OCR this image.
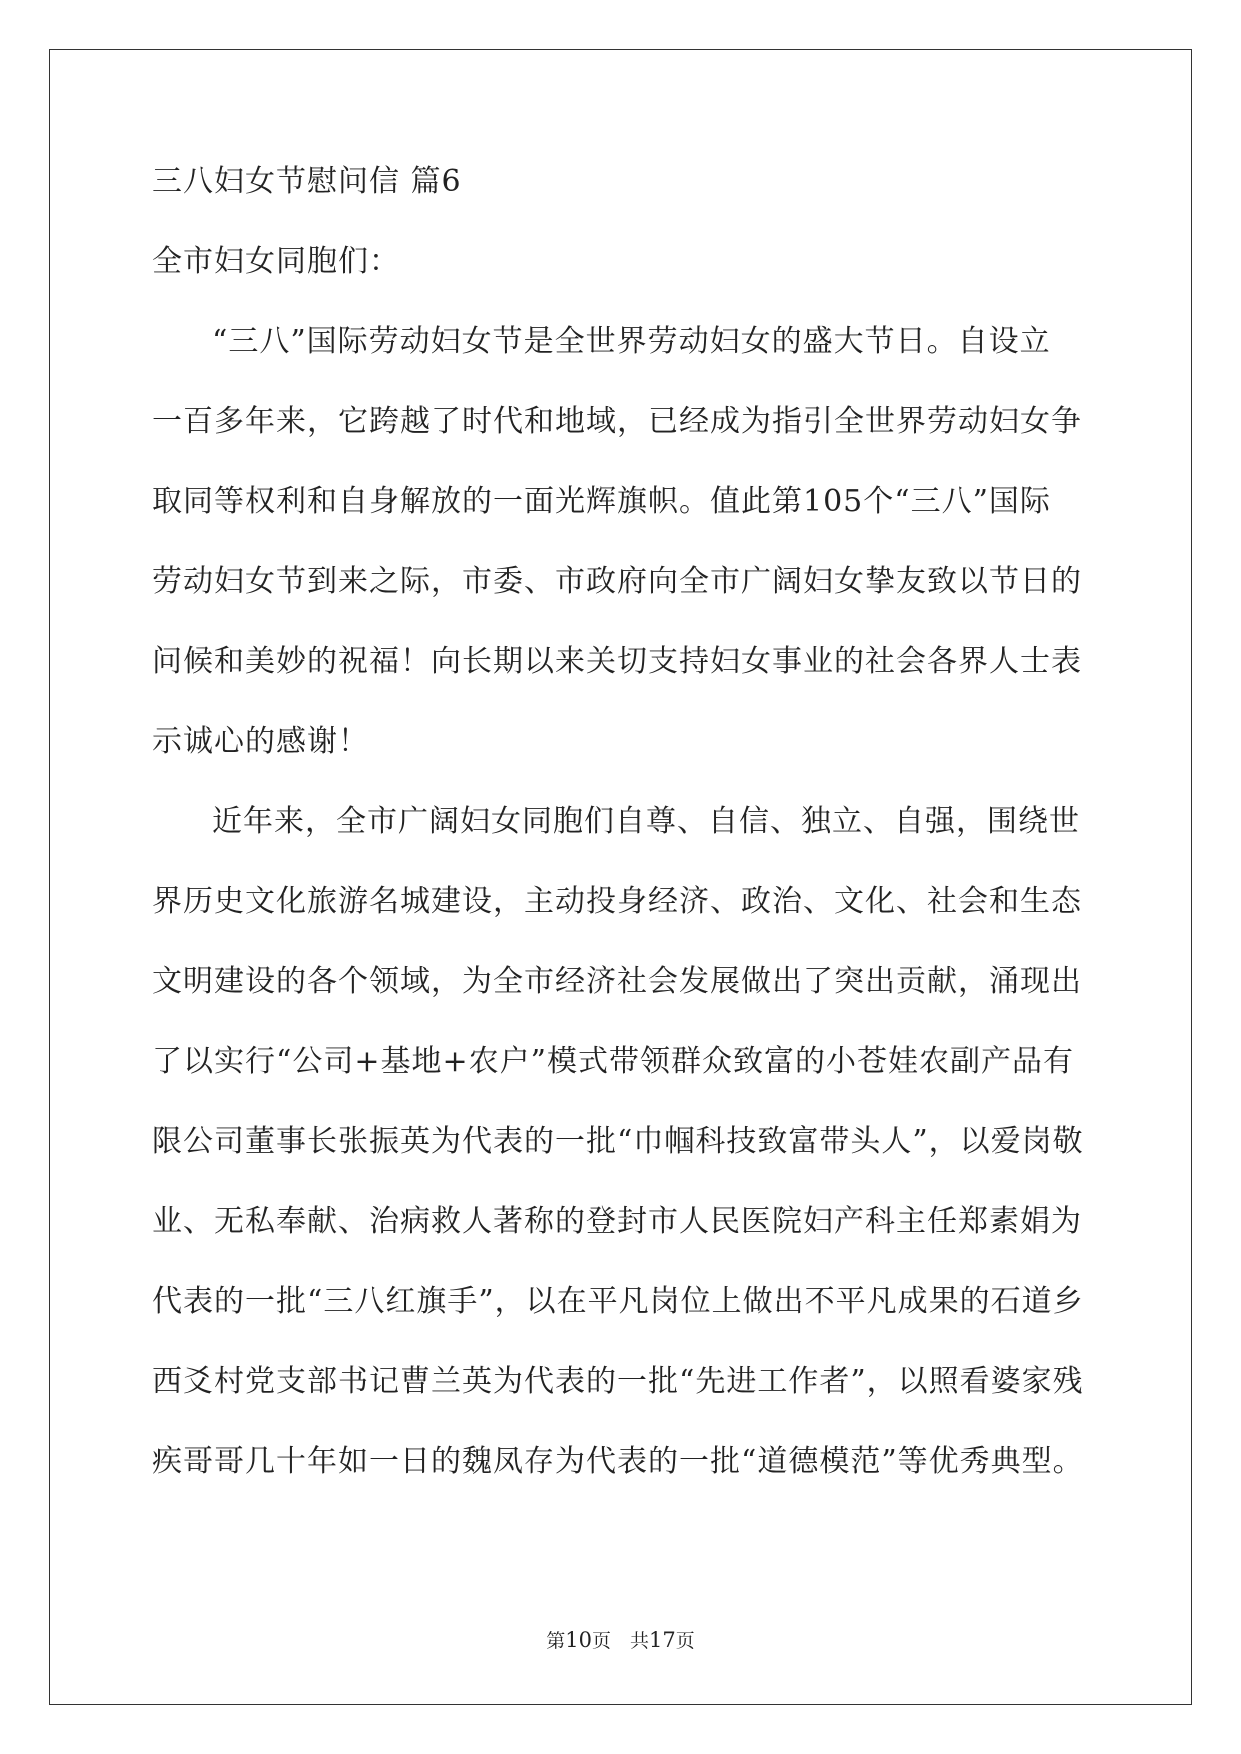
三八妇女节慰问信 篇6
全市妇女同胞们：
“三八”国际劳动妇女节是全世界劳动妇女的盛大节日。自设立
一百多年来，它跨越了时代和地域，已经成为指引全世界劳动妇女争
取同等权利和自身解放的一面光辉旗帜。值此第105个“三八”国际
劳动妇女节到来之际，市委、市政府向全市广阔妇女挚友致以节日的
问候和美妙的祝福！向长期以来关切支持妇女事业的社会各界人士表
示诚心的感谢！
近年来，全市广阔妇女同胞们自尊、自信、独立、自强，围绕世
界历史文化旅游名城建设，主动投身经济、政治、文化、社会和生态
文明建设的各个领域，为全市经济社会发展做出了突出贡献，涌现出
了以实行“公司+基地+农户”模式带领群众致富的小苍娃农副产品有
限公司董事长张振英为代表的一批“巾帼科技致富带头人”，以爱岗敬
业、无私奉献、治病救人著称的登封市人民医院妇产科主任郑素娟为
代表的一批“三八红旗手”，以在平凡岗位上做出不平凡成果的石道乡
西爻村党支部书记曹兰英为代表的一批“先进工作者”，以照看婆家残
疾哥哥几十年如一日的魏凤存为代表的一批“道德模范”等优秀典型。
第10页　共17页
